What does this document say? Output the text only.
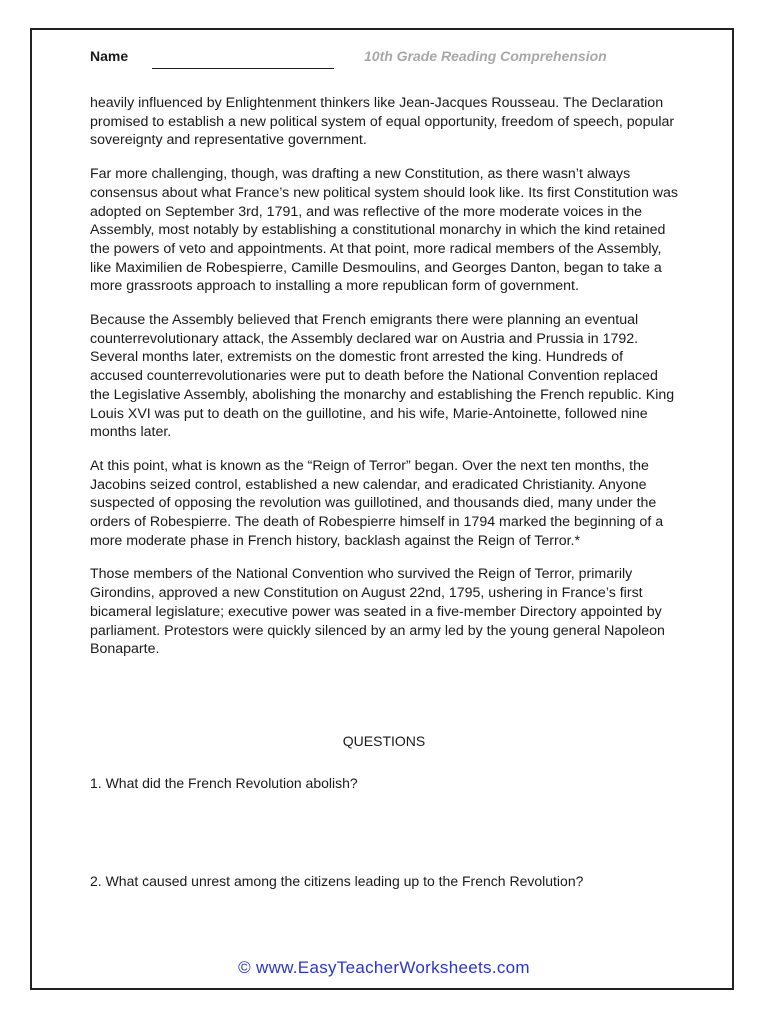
Name	10th Grade Reading Comprehension

heavily influenced by Enlightenment thinkers like Jean-Jacques Rousseau. The Declaration promised to establish a new political system of equal opportunity, freedom of speech, popular sovereignty and representative government.

Far more challenging, though, was drafting a new Constitution, as there wasn’t always consensus about what France’s new political system should look like. Its first Constitution was adopted on September 3rd, 1791, and was reflective of the more moderate voices in the Assembly, most notably by establishing a constitutional monarchy in which the kind retained the powers of veto and appointments. At that point, more radical members of the Assembly, like Maximilien de Robespierre, Camille Desmoulins, and Georges Danton, began to take a more grassroots approach to installing a more republican form of government.

Because the Assembly believed that French emigrants there were planning an eventual counterrevolutionary attack, the Assembly declared war on Austria and Prussia in 1792. Several months later, extremists on the domestic front arrested the king. Hundreds of accused counterrevolutionaries were put to death before the National Convention replaced the Legislative Assembly, abolishing the monarchy and establishing the French republic. King Louis XVI was put to death on the guillotine, and his wife, Marie-Antoinette, followed nine months later.

At this point, what is known as the “Reign of Terror” began. Over the next ten months, the Jacobins seized control, established a new calendar, and eradicated Christianity. Anyone suspected of opposing the revolution was guillotined, and thousands died, many under the orders of Robespierre. The death of Robespierre himself in 1794 marked the beginning of a more moderate phase in French history, backlash against the Reign of Terror.*

Those members of the National Convention who survived the Reign of Terror, primarily Girondins, approved a new Constitution on August 22nd, 1795, ushering in France’s first bicameral legislature; executive power was seated in a five-member Directory appointed by parliament. Protestors were quickly silenced by an army led by the young general Napoleon Bonaparte.

QUESTIONS
1. What did the French Revolution abolish?
2. What caused unrest among the citizens leading up to the French Revolution?
© www.EasyTeacherWorksheets.com
